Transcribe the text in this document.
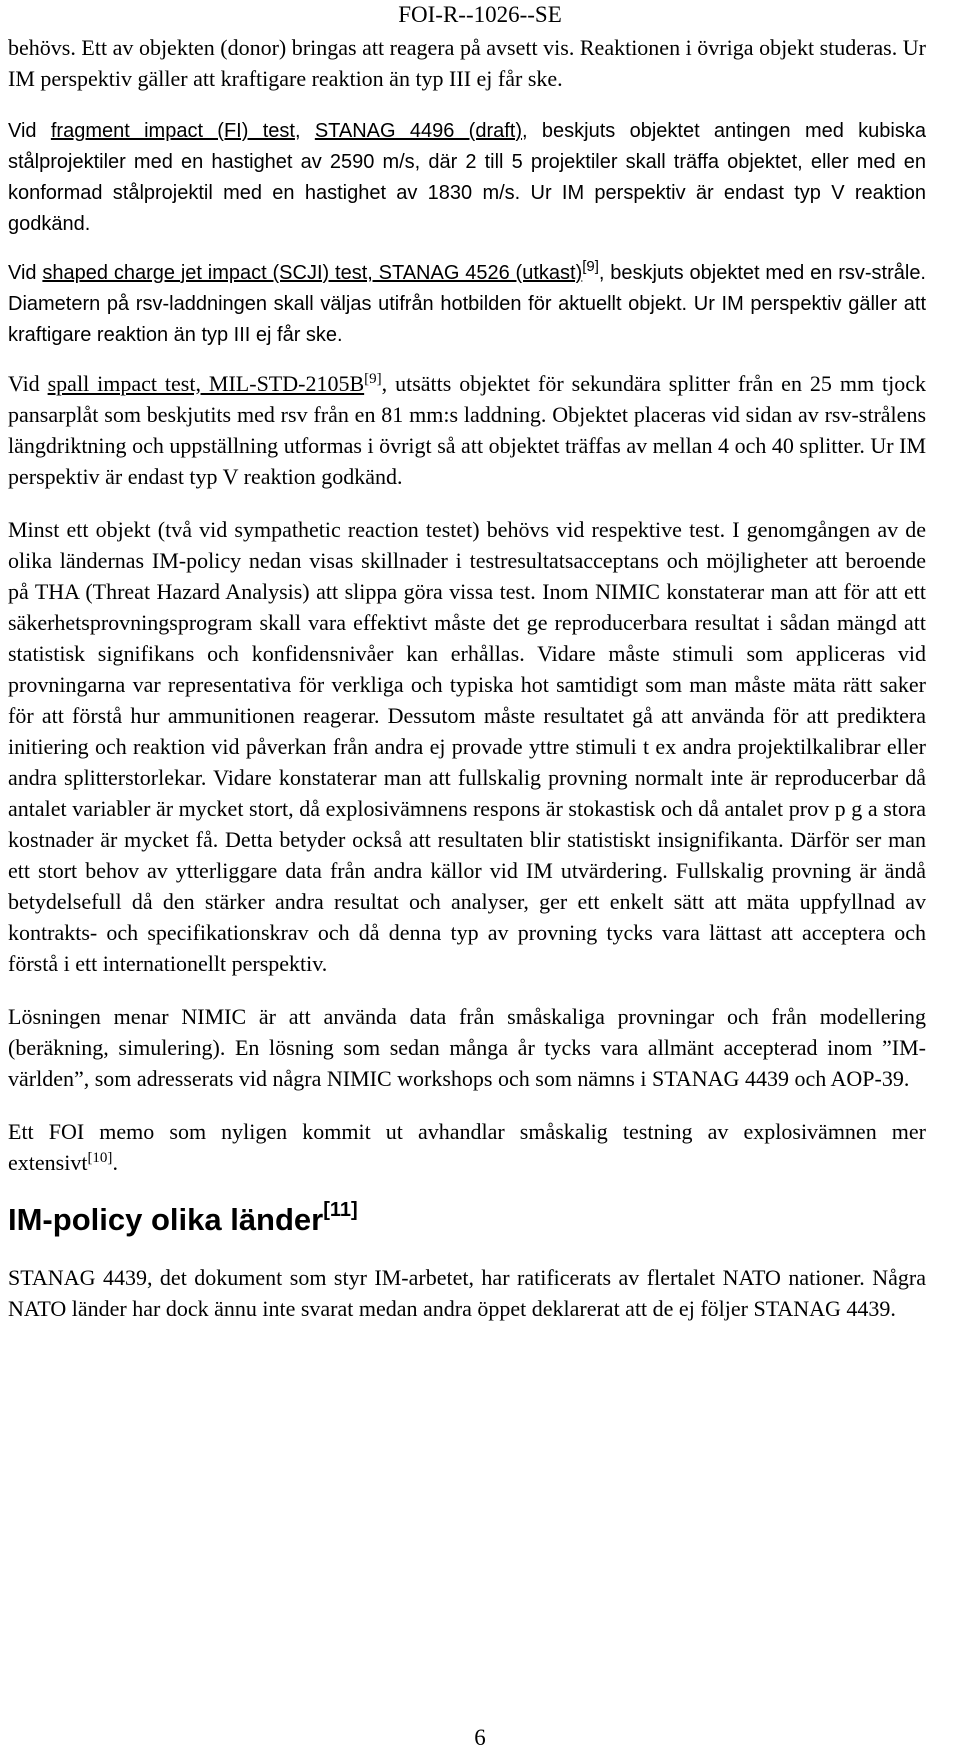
FOI-R--1026--SE

behövs. Ett av objekten (donor) bringas att reagera på avsett vis. Reaktionen i övriga objekt studeras. Ur IM perspektiv gäller att kraftigare reaktion än typ III ej får ske.

Vid fragment impact (FI) test, STANAG 4496 (draft), beskjuts objektet antingen med kubiska stålprojektiler med en hastighet av 2590 m/s, där 2 till 5 projektiler skall träffa objektet, eller med en konformad stålprojektil med en hastighet av 1830 m/s. Ur IM perspektiv är endast typ V reaktion godkänd.

Vid shaped charge jet impact (SCJI) test, STANAG 4526 (utkast)[9], beskjuts objektet med en rsv-stråle. Diametern på rsv-laddningen skall väljas utifrån hotbilden för aktuellt objekt. Ur IM perspektiv gäller att kraftigare reaktion än typ III ej får ske.

Vid spall impact test, MIL-STD-2105B[9], utsätts objektet för sekundära splitter från en 25 mm tjock pansarplåt som beskjutits med rsv från en 81 mm:s laddning. Objektet placeras vid sidan av rsv-strålens längdriktning och uppställning utformas i övrigt så att objektet träffas av mellan 4 och 40 splitter. Ur IM perspektiv är endast typ V reaktion godkänd.

Minst ett objekt (två vid sympathetic reaction testet) behövs vid respektive test. I genomgången av de olika ländernas IM-policy nedan visas skillnader i testresultatsacceptans och möjligheter att beroende på THA (Threat Hazard Analysis) att slippa göra vissa test. Inom NIMIC konstaterar man att för att ett säkerhetsprovningsprogram skall vara effektivt måste det ge reproducerbara resultat i sådan mängd att statistisk signifikans och konfidensnivåer kan erhållas. Vidare måste stimuli som appliceras vid provningarna var representativa för verkliga och typiska hot samtidigt som man måste mäta rätt saker för att förstå hur ammunitionen reagerar. Dessutom måste resultatet gå att använda för att prediktera initiering och reaktion vid påverkan från andra ej provade yttre stimuli t ex andra projektilkalibrar eller andra splitterstorlekar. Vidare konstaterar man att fullskalig provning normalt inte är reproducerbar då antalet variabler är mycket stort, då explosivämnens respons är stokastisk och då antalet prov p g a stora kostnader är mycket få. Detta betyder också att resultaten blir statistiskt insignifikanta. Därför ser man ett stort behov av ytterliggare data från andra källor vid IM utvärdering. Fullskalig provning är ändå betydelsefull då den stärker andra resultat och analyser, ger ett enkelt sätt att mäta uppfyllnad av kontrakts- och specifikationskrav och då denna typ av provning tycks vara lättast att acceptera och förstå i ett internationellt perspektiv.

Lösningen menar NIMIC är att använda data från småskaliga provningar och från modellering (beräkning, simulering). En lösning som sedan många år tycks vara allmänt accepterad inom ”IM-världen”, som adresserats vid några NIMIC workshops och som nämns i STANAG 4439 och AOP-39.

Ett FOI memo som nyligen kommit ut avhandlar småskalig testning av explosivämnen mer extensivt[10].

IM-policy olika länder[11]

STANAG 4439, det dokument som styr IM-arbetet, har ratificerats av flertalet NATO nationer. Några NATO länder har dock ännu inte svarat medan andra öppet deklarerat att de ej följer STANAG 4439.

6
